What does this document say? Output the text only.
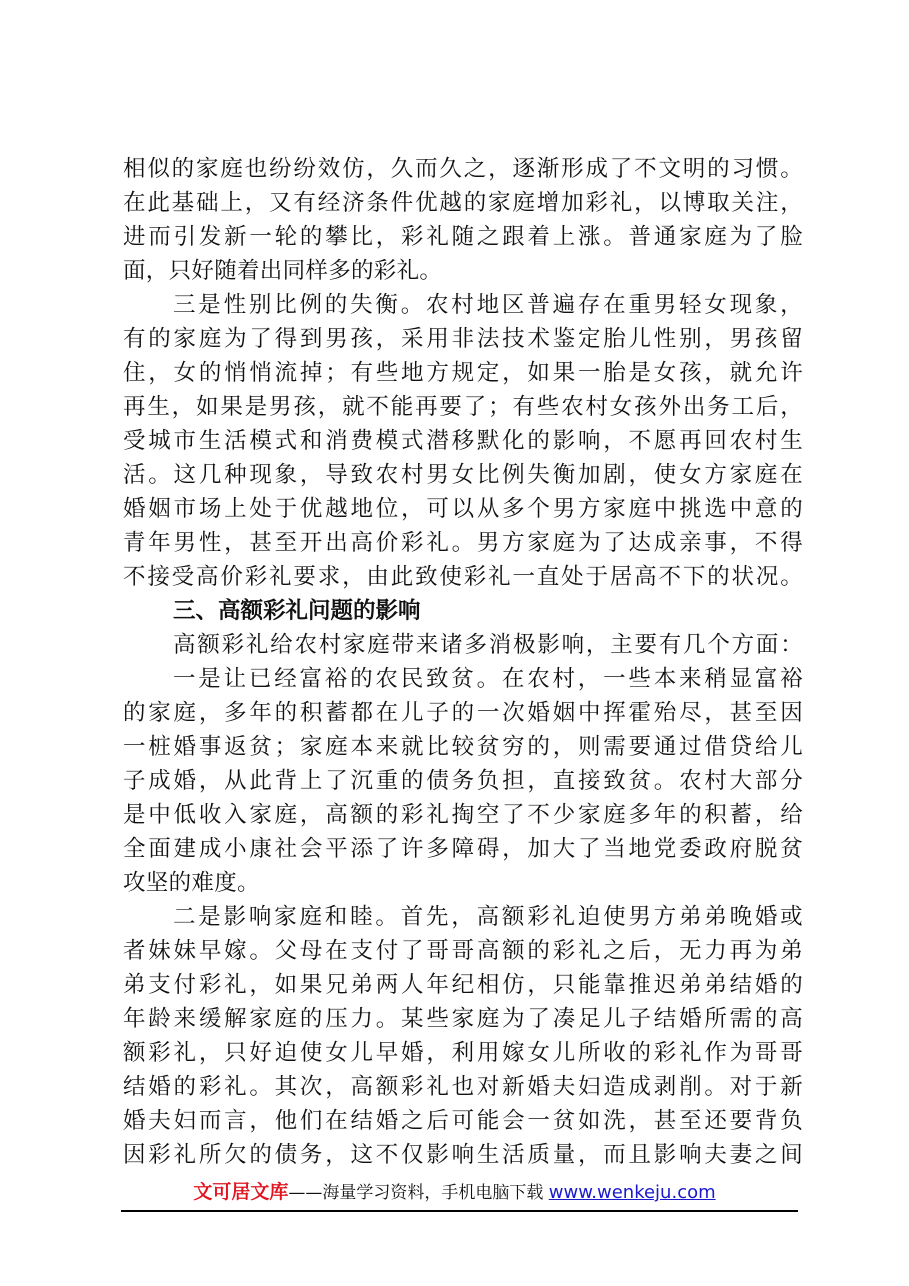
相似的家庭也纷纷效仿，久而久之，逐渐形成了不文明的习惯。
在此基础上，又有经济条件优越的家庭增加彩礼，以博取关注，
进而引发新一轮的攀比，彩礼随之跟着上涨。普通家庭为了脸
面，只好随着出同样多的彩礼。
三是性别比例的失衡。农村地区普遍存在重男轻女现象，
有的家庭为了得到男孩，采用非法技术鉴定胎儿性别，男孩留
住，女的悄悄流掉；有些地方规定，如果一胎是女孩，就允许
再生，如果是男孩，就不能再要了；有些农村女孩外出务工后，
受城市生活模式和消费模式潜移默化的影响，不愿再回农村生
活。这几种现象，导致农村男女比例失衡加剧，使女方家庭在
婚姻市场上处于优越地位，可以从多个男方家庭中挑选中意的
青年男性，甚至开出高价彩礼。男方家庭为了达成亲事，不得
不接受高价彩礼要求，由此致使彩礼一直处于居高不下的状况。
三、高额彩礼问题的影响
高额彩礼给农村家庭带来诸多消极影响，主要有几个方面：
一是让已经富裕的农民致贫。在农村，一些本来稍显富裕
的家庭，多年的积蓄都在儿子的一次婚姻中挥霍殆尽，甚至因
一桩婚事返贫；家庭本来就比较贫穷的，则需要通过借贷给儿
子成婚，从此背上了沉重的债务负担，直接致贫。农村大部分
是中低收入家庭，高额的彩礼掏空了不少家庭多年的积蓄，给
全面建成小康社会平添了许多障碍，加大了当地党委政府脱贫
攻坚的难度。
二是影响家庭和睦。首先，高额彩礼迫使男方弟弟晚婚或
者妹妹早嫁。父母在支付了哥哥高额的彩礼之后，无力再为弟
弟支付彩礼，如果兄弟两人年纪相仿，只能靠推迟弟弟结婚的
年龄来缓解家庭的压力。某些家庭为了凑足儿子结婚所需的高
额彩礼，只好迫使女儿早婚，利用嫁女儿所收的彩礼作为哥哥
结婚的彩礼。其次，高额彩礼也对新婚夫妇造成剥削。对于新
婚夫妇而言，他们在结婚之后可能会一贫如洗，甚至还要背负
因彩礼所欠的债务，这不仅影响生活质量，而且影响夫妻之间
文可居文库——海量学习资料，手机电脑下载 www.wenkeju.com
